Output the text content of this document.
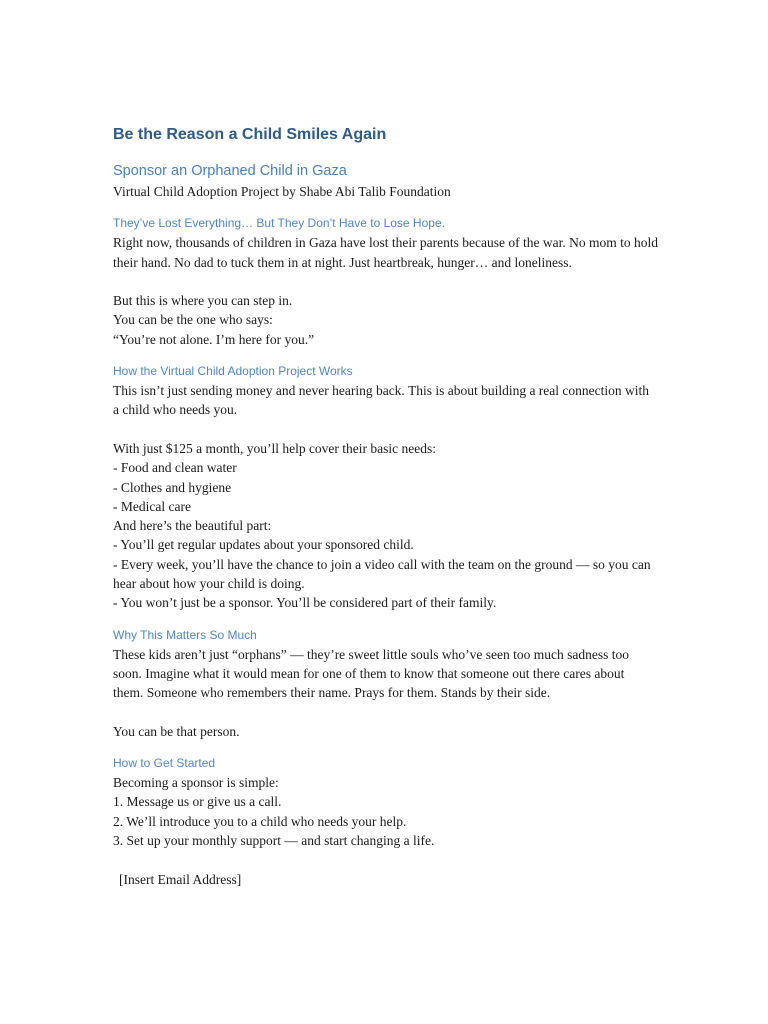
Be the Reason a Child Smiles Again
Sponsor an Orphaned Child in Gaza
Virtual Child Adoption Project by Shabe Abi Talib Foundation
They’ve Lost Everything… But They Don’t Have to Lose Hope.
Right now, thousands of children in Gaza have lost their parents because of the war. No mom to hold their hand. No dad to tuck them in at night. Just heartbreak, hunger… and loneliness.
But this is where you can step in.
You can be the one who says:
“You’re not alone. I’m here for you.”
How the Virtual Child Adoption Project Works
This isn’t just sending money and never hearing back. This is about building a real connection with a child who needs you.
With just $125 a month, you’ll help cover their basic needs:
- Food and clean water
- Clothes and hygiene
- Medical care
And here’s the beautiful part:
- You’ll get regular updates about your sponsored child.
- Every week, you’ll have the chance to join a video call with the team on the ground — so you can hear about how your child is doing.
- You won’t just be a sponsor. You’ll be considered part of their family.
Why This Matters So Much
These kids aren’t just “orphans” — they’re sweet little souls who’ve seen too much sadness too soon. Imagine what it would mean for one of them to know that someone out there cares about them. Someone who remembers their name. Prays for them. Stands by their side.
You can be that person.
How to Get Started
Becoming a sponsor is simple:
1. Message us or give us a call.
2. We’ll introduce you to a child who needs your help.
3. Set up your monthly support — and start changing a life.
[Insert Email Address]
